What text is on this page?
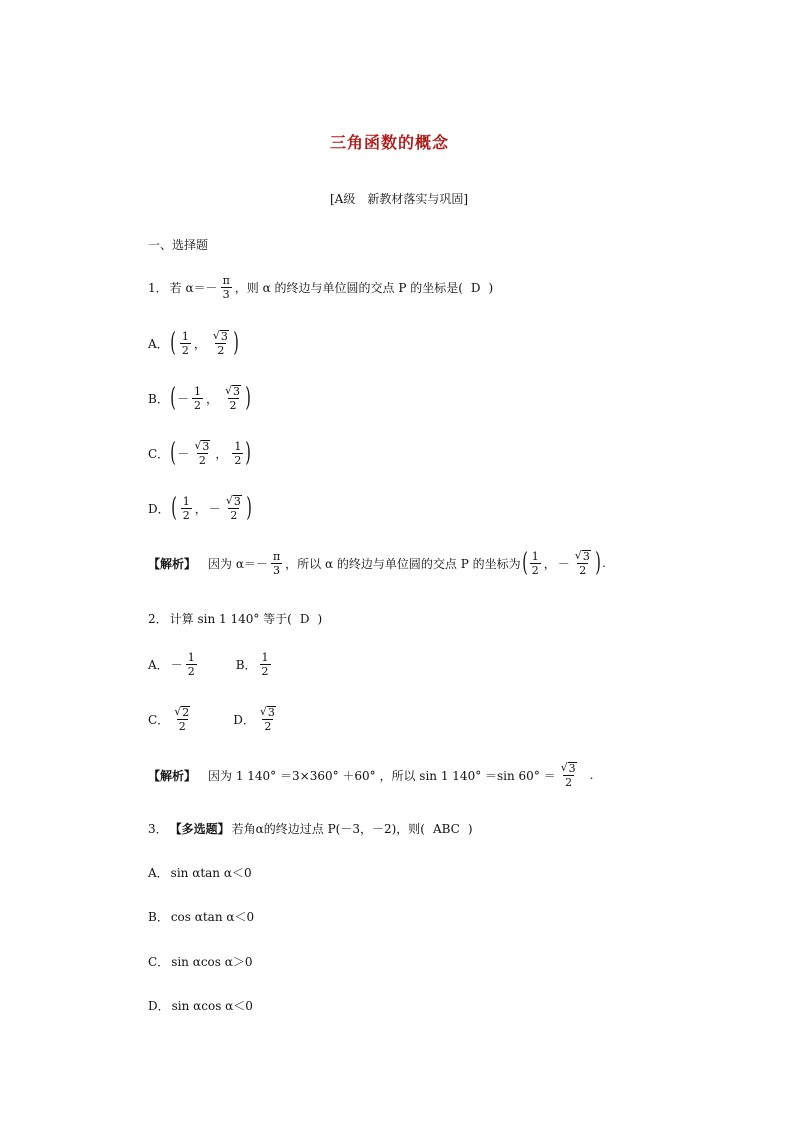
三角函数的概念
[A级　新教材落实与巩固]
一、选择题
1． 若 $\alpha=- \frac{\pi}{3}$ ，则 α 的终边与单位圆的交点 P 的坐标是( D )
A． ( $\frac{1}{2}$ ， $\frac{√ 3}{2}$ )
B． ( － $\frac{1}{2}$ ， $\frac{√ 3}{2}$ )
C． ( － $\frac{√ 3}{2}$ ， $\frac{1}{2}$ )
D． ( $\frac{1}{2}$ ， － $\frac{√ 3}{2}$ )
【解析】 因为 $\alpha=- \frac{\pi}{3}$ ，所以 α 的终边与单位圆的交点 P 的坐标为 ( $\frac{1}{2}$ ， － $\frac{√ 3}{2}$ ) .
2． 计算 sin 1 140° 等于( D )
A． － $\frac{1}{2}$	B． $\frac{1}{2}$
C． $\frac{√ 2}{2}$	D． $\frac{√ 3}{2}$
【解析】 因为 1 140° ＝3×360° ＋60° ，所以 sin 1 140° ＝sin $60^\circ = \frac{√ 3}{2}$ .
3． 【多选题】 若角α的终边过点 P(－3，－2)，则( ABC )
A． sin αtan α＜0
B． cos αtan α＜0
C． sin αcos α＞0
D． sin αcos α＜0
